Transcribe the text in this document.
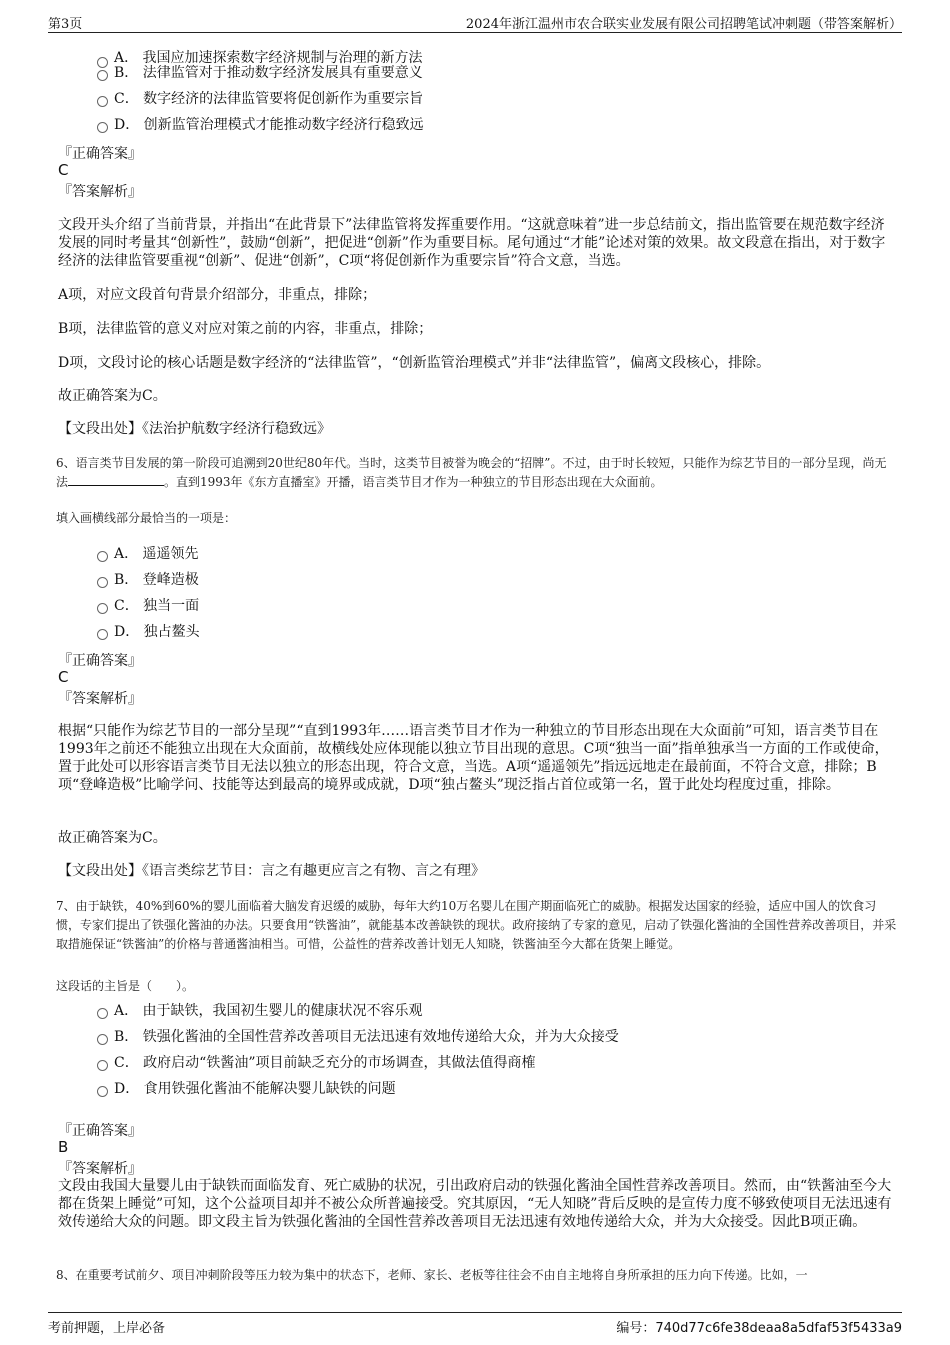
第3页	2024年浙江温州市农合联实业发展有限公司招聘笔试冲刺题（带答案解析）
A． 我国应加速探索数字经济规制与治理的新方法
B． 法律监管对于推动数字经济发展具有重要意义
C． 数字经济的法律监管要将促创新作为重要宗旨
D． 创新监管治理模式才能推动数字经济行稳致远
『正确答案』
C
『答案解析』
文段开头介绍了当前背景，并指出“在此背景下”法律监管将发挥重要作用。“这就意味着”进一步总结前文，指出监管要在规范数字经济发展的同时考量其“创新性”，鼓励“创新”，把促进“创新”作为重要目标。尾句通过“才能”论述对策的效果。故文段意在指出，对于数字经济的法律监管要重视“创新”、促进“创新”，C项“将促创新作为重要宗旨”符合文意，当选。
A项，对应文段首句背景介绍部分，非重点，排除；
B项，法律监管的意义对应对策之前的内容，非重点，排除；
D项，文段讨论的核心话题是数字经济的“法律监管”，“创新监管治理模式”并非“法律监管”，偏离文段核心，排除。
故正确答案为C。
【文段出处】《法治护航数字经济行稳致远》
6、语言类节目发展的第一阶段可追溯到20世纪80年代。当时，这类节目被誉为晚会的“招牌”。不过，由于时长较短，只能作为综艺节目的一部分呈现，尚无法	。直到1993年《东方直播室》开播，语言类节目才作为一种独立的节目形态出现在大众面前。
填入画横线部分最恰当的一项是：
A． 遥遥领先
B． 登峰造极
C． 独当一面
D． 独占鳌头
『正确答案』
C
『答案解析』
根据“只能作为综艺节目的一部分呈现”“直到1993年……语言类节目才作为一种独立的节目形态出现在大众面前”可知，语言类节目在1993年之前还不能独立出现在大众面前，故横线处应体现能以独立节目出现的意思。C项“独当一面”指单独承当一方面的工作或使命，置于此处可以形容语言类节目无法以独立的形态出现，符合文意，当选。A项“遥遥领先”指远远地走在最前面，不符合文意，排除；B项“登峰造极”比喻学问、技能等达到最高的境界或成就，D项“独占鳌头”现泛指占首位或第一名，置于此处均程度过重，排除。
故正确答案为C。
【文段出处】《语言类综艺节目：言之有趣更应言之有物、言之有理》
7、由于缺铁，40%到60%的婴儿面临着大脑发育迟缓的威胁，每年大约10万名婴儿在围产期面临死亡的威胁。根据发达国家的经验，适应中国人的饮食习惯，专家们提出了铁强化酱油的办法。只要食用“铁酱油”，就能基本改善缺铁的现状。政府接纳了专家的意见，启动了铁强化酱油的全国性营养改善项目，并采取措施保证“铁酱油”的价格与普通酱油相当。可惜，公益性的营养改善计划无人知晓，铁酱油至今大都在货架上睡觉。
这段话的主旨是（　　）。
A． 由于缺铁，我国初生婴儿的健康状况不容乐观
B． 铁强化酱油的全国性营养改善项目无法迅速有效地传递给大众，并为大众接受
C． 政府启动“铁酱油”项目前缺乏充分的市场调查，其做法值得商榷
D． 食用铁强化酱油不能解决婴儿缺铁的问题
『正确答案』
B
『答案解析』
文段由我国大量婴儿由于缺铁而面临发育、死亡威胁的状况，引出政府启动的铁强化酱油全国性营养改善项目。然而，由“铁酱油至今大都在货架上睡觉”可知，这个公益项目却并不被公众所普遍接受。究其原因，“无人知晓”背后反映的是宣传力度不够致使项目无法迅速有效传递给大众的问题。即文段主旨为铁强化酱油的全国性营养改善项目无法迅速有效地传递给大众，并为大众接受。因此B项正确。
8、在重要考试前夕、项目冲刺阶段等压力较为集中的状态下，老师、家长、老板等往往会不由自主地将自身所承担的压力向下传递。比如，一
考前押题，上岸必备	编号：740d77c6fe38deaa8a5dfaf53f5433a9
